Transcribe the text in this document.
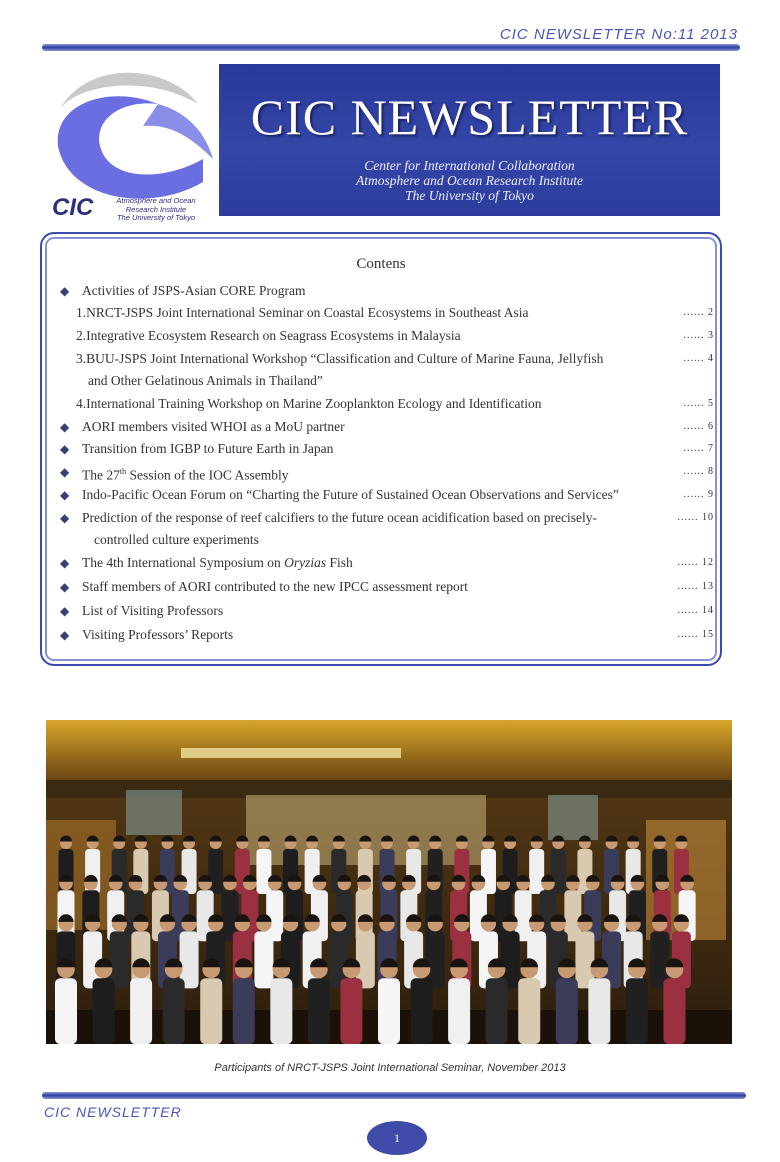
CIC NEWSLETTER No:11 2013
CIC	Atmosphere and Ocean
Research Institute
The University of Tokyo
CIC NEWSLETTER
Center for International Collaboration
Atmosphere and Ocean Research Institute
The University of Tokyo
Contens
◆ Activities of JSPS-Asian CORE Program
1.NRCT-JSPS Joint International Seminar on Coastal Ecosystems in Southeast Asia	...... 2
2.Integrative Ecosystem Research on Seagrass Ecosystems in Malaysia	...... 3
3.BUU-JSPS Joint International Workshop “Classification and Culture of Marine Fauna, Jellyfish
and Other Gelatinous Animals in Thailand”
...... 4
4.International Training Workshop on Marine Zooplankton Ecology and Identification	...... 5
◆ AORI members visited WHOI as a MoU partner	...... 6
◆ Transition from IGBP to Future Earth in Japan	...... 7
◆ The 27th Session of the IOC Assembly	...... 8
◆ Indo-Pacific Ocean Forum on “Charting the Future of Sustained Ocean Observations and Services”	...... 9
◆ Prediction of the response of reef calcifiers to the future ocean acidification based on precisely-
controlled culture experiments
...... 10
◆ The 4th International Symposium on Oryzias Fish	...... 12
◆ Staff members of AORI contributed to the new IPCC assessment report	...... 13
◆ List of Visiting Professors	...... 14
◆ Visiting Professors’ Reports	...... 15
Participants of NRCT-JSPS Joint International Seminar, November 2013
CIC NEWSLETTER
1
